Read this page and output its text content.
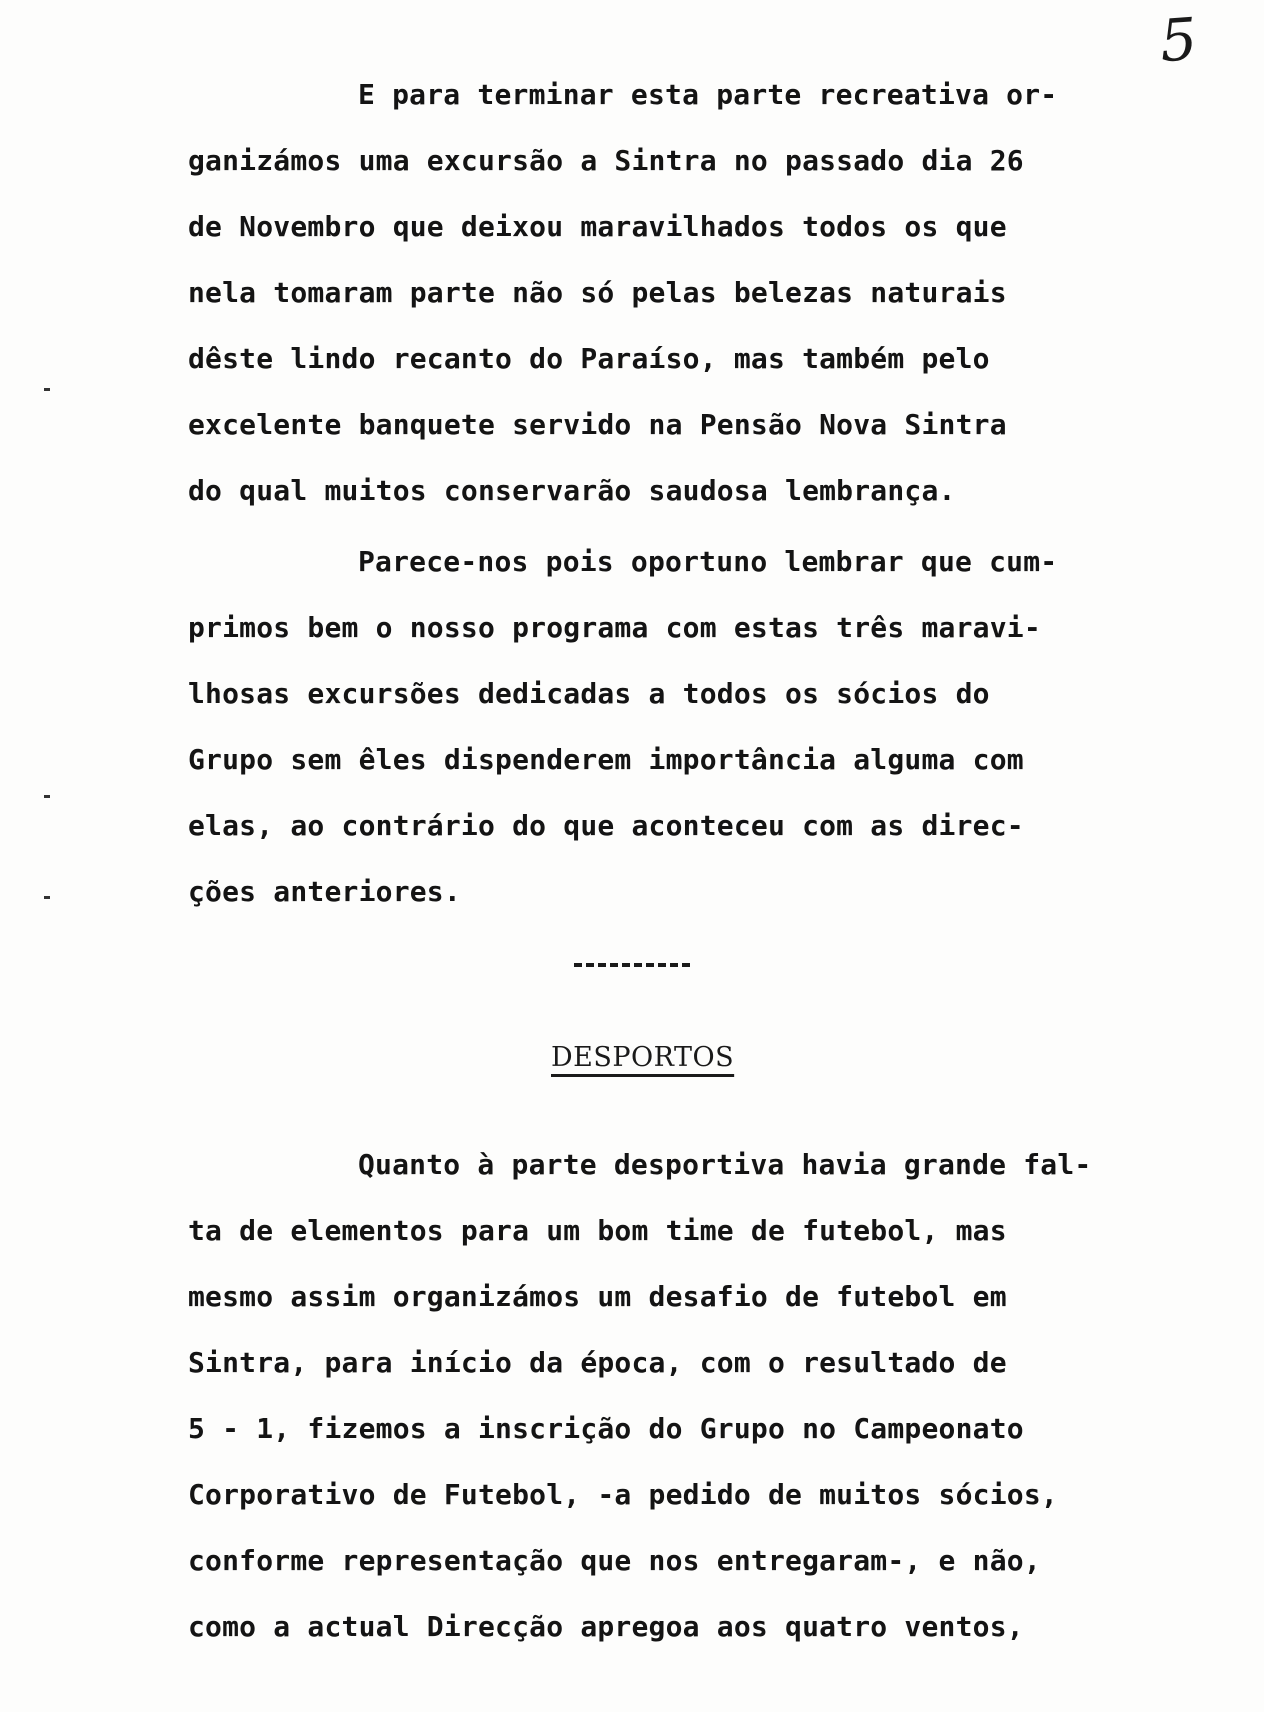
5
E para terminar esta parte recreativa or-
ganizámos uma excursão a Sintra no passado dia 26
de Novembro que deixou maravilhados todos os que
nela tomaram parte não só pelas belezas naturais
dêste lindo recanto do Paraíso, mas também pelo
excelente banquete servido na Pensão Nova Sintra
do qual muitos conservarão saudosa lembrança.
Parece-nos pois oportuno lembrar que cum-
primos bem o nosso programa com estas três maravi-
lhosas excursões dedicadas a todos os sócios do
Grupo sem êles dispenderem importância alguma com
elas, ao contrário do que aconteceu com as direc-
ções anteriores.
DESPORTOS
Quanto à parte desportiva havia grande fal-
ta de elementos para um bom time de futebol, mas
mesmo assim organizámos um desafio de futebol em
Sintra, para início da época, com o resultado de
5 - 1, fizemos a inscrição do Grupo no Campeonato
Corporativo de Futebol, -a pedido de muitos sócios,
conforme representação que nos entregaram-, e não,
como a actual Direcção apregoa aos quatro ventos,
